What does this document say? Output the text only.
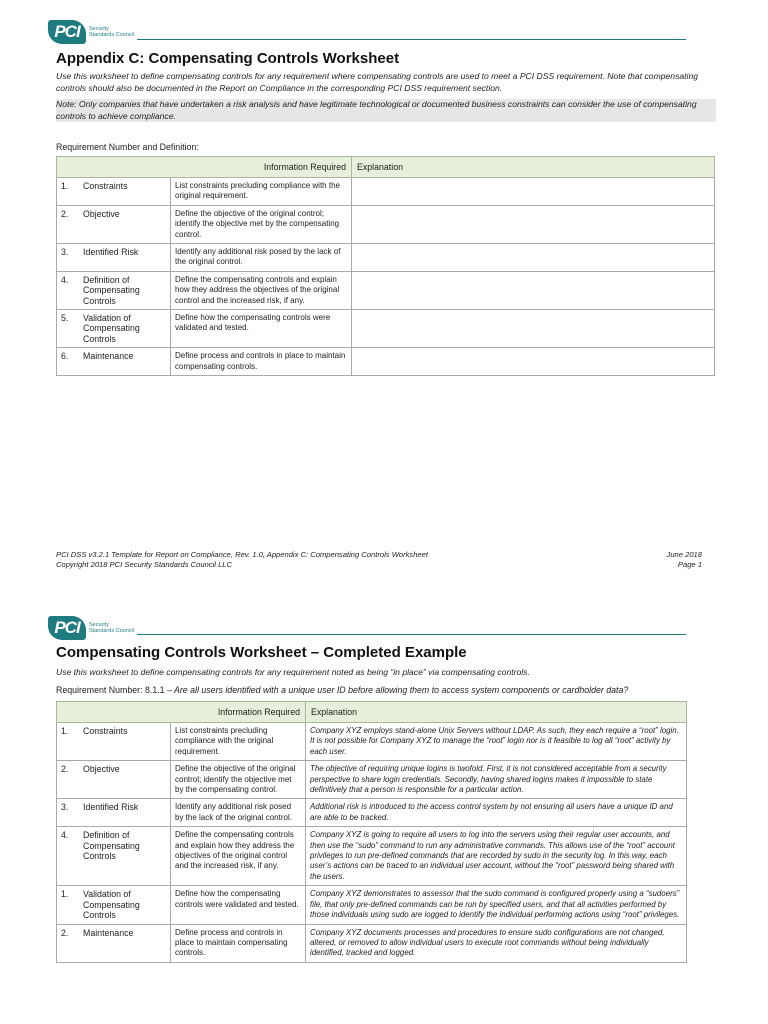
PCI	Security
Standards Council
Appendix C: Compensating Controls Worksheet
Use this worksheet to define compensating controls for any requirement where compensating controls are used to meet a PCI DSS requirement. Note that compensating controls should also be documented in the Report on Compliance in the corresponding PCI DSS requirement section.
Note: Only companies that have undertaken a risk analysis and have legitimate technological or documented business constraints can consider the use of compensating controls to achieve compliance.
Requirement Number and Definition:
Information Required		Explanation

1. Constraints	List constraints precluding compliance with the original requirement.	

2. Objective	Define the objective of the original control; identify the objective met by the compensating control.	

3. Identified Risk	Identify any additional risk posed by the lack of the original control.	

4. Definition of Compensating Controls	Define the compensating controls and explain how they address the objectives of the original control and the increased risk, if any.	

5. Validation of Compensating Controls	Define how the compensating controls were validated and tested.	

6. Maintenance	Define process and controls in place to maintain compensating controls.	
PCI DSS v3.2.1 Template for Report on Compliance, Rev. 1.0, Appendix C: Compensating Controls Worksheet
Copyright 2018 PCI Security Standards Council LLC
June 2018
Page 1
PCI	Security
Standards Council
Compensating Controls Worksheet – Completed Example
Use this worksheet to define compensating controls for any requirement noted as being “in place” via compensating controls.
Requirement Number: 8.1.1 – Are all users identified with a unique user ID before allowing them to access system components or cardholder data?
Information Required		Explanation

1. Constraints	List constraints precluding compliance with the original requirement.	Company XYZ employs stand-alone Unix Servers without LDAP. As such, they each require a “root” login. It is not possible for Company XYZ to manage the “root” login nor is it feasible to log all “root” activity by each user.

2. Objective	Define the objective of the original control; identify the objective met by the compensating control.	The objective of requiring unique logins is twofold. First, it is not considered acceptable from a security perspective to share login credentials. Secondly, having shared logins makes it impossible to state definitively that a person is responsible for a particular action.

3. Identified Risk	Identify any additional risk posed by the lack of the original control.	Additional risk is introduced to the access control system by not ensuring all users have a unique ID and are able to be tracked.

4. Definition of Compensating Controls	Define the compensating controls and explain how they address the objectives of the original control and the increased risk, if any.	Company XYZ is going to require all users to log into the servers using their regular user accounts, and then use the “sudo” command to run any administrative commands. This allows use of the “root” account privileges to run pre-defined commands that are recorded by sudo in the security log. In this way, each user’s actions can be traced to an individual user account, without the “root” password being shared with the users.

1. Validation of Compensating Controls	Define how the compensating controls were validated and tested.	Company XYZ demonstrates to assessor that the sudo command is configured properly using a “sudoers” file, that only pre-defined commands can be run by specified users, and that all activities performed by those individuals using sudo are logged to identify the individual performing actions using “root” privileges.

2. Maintenance	Define process and controls in place to maintain compensating controls.	Company XYZ documents processes and procedures to ensure sudo configurations are not changed, altered, or removed to allow individual users to execute root commands without being individually identified, tracked and logged.
